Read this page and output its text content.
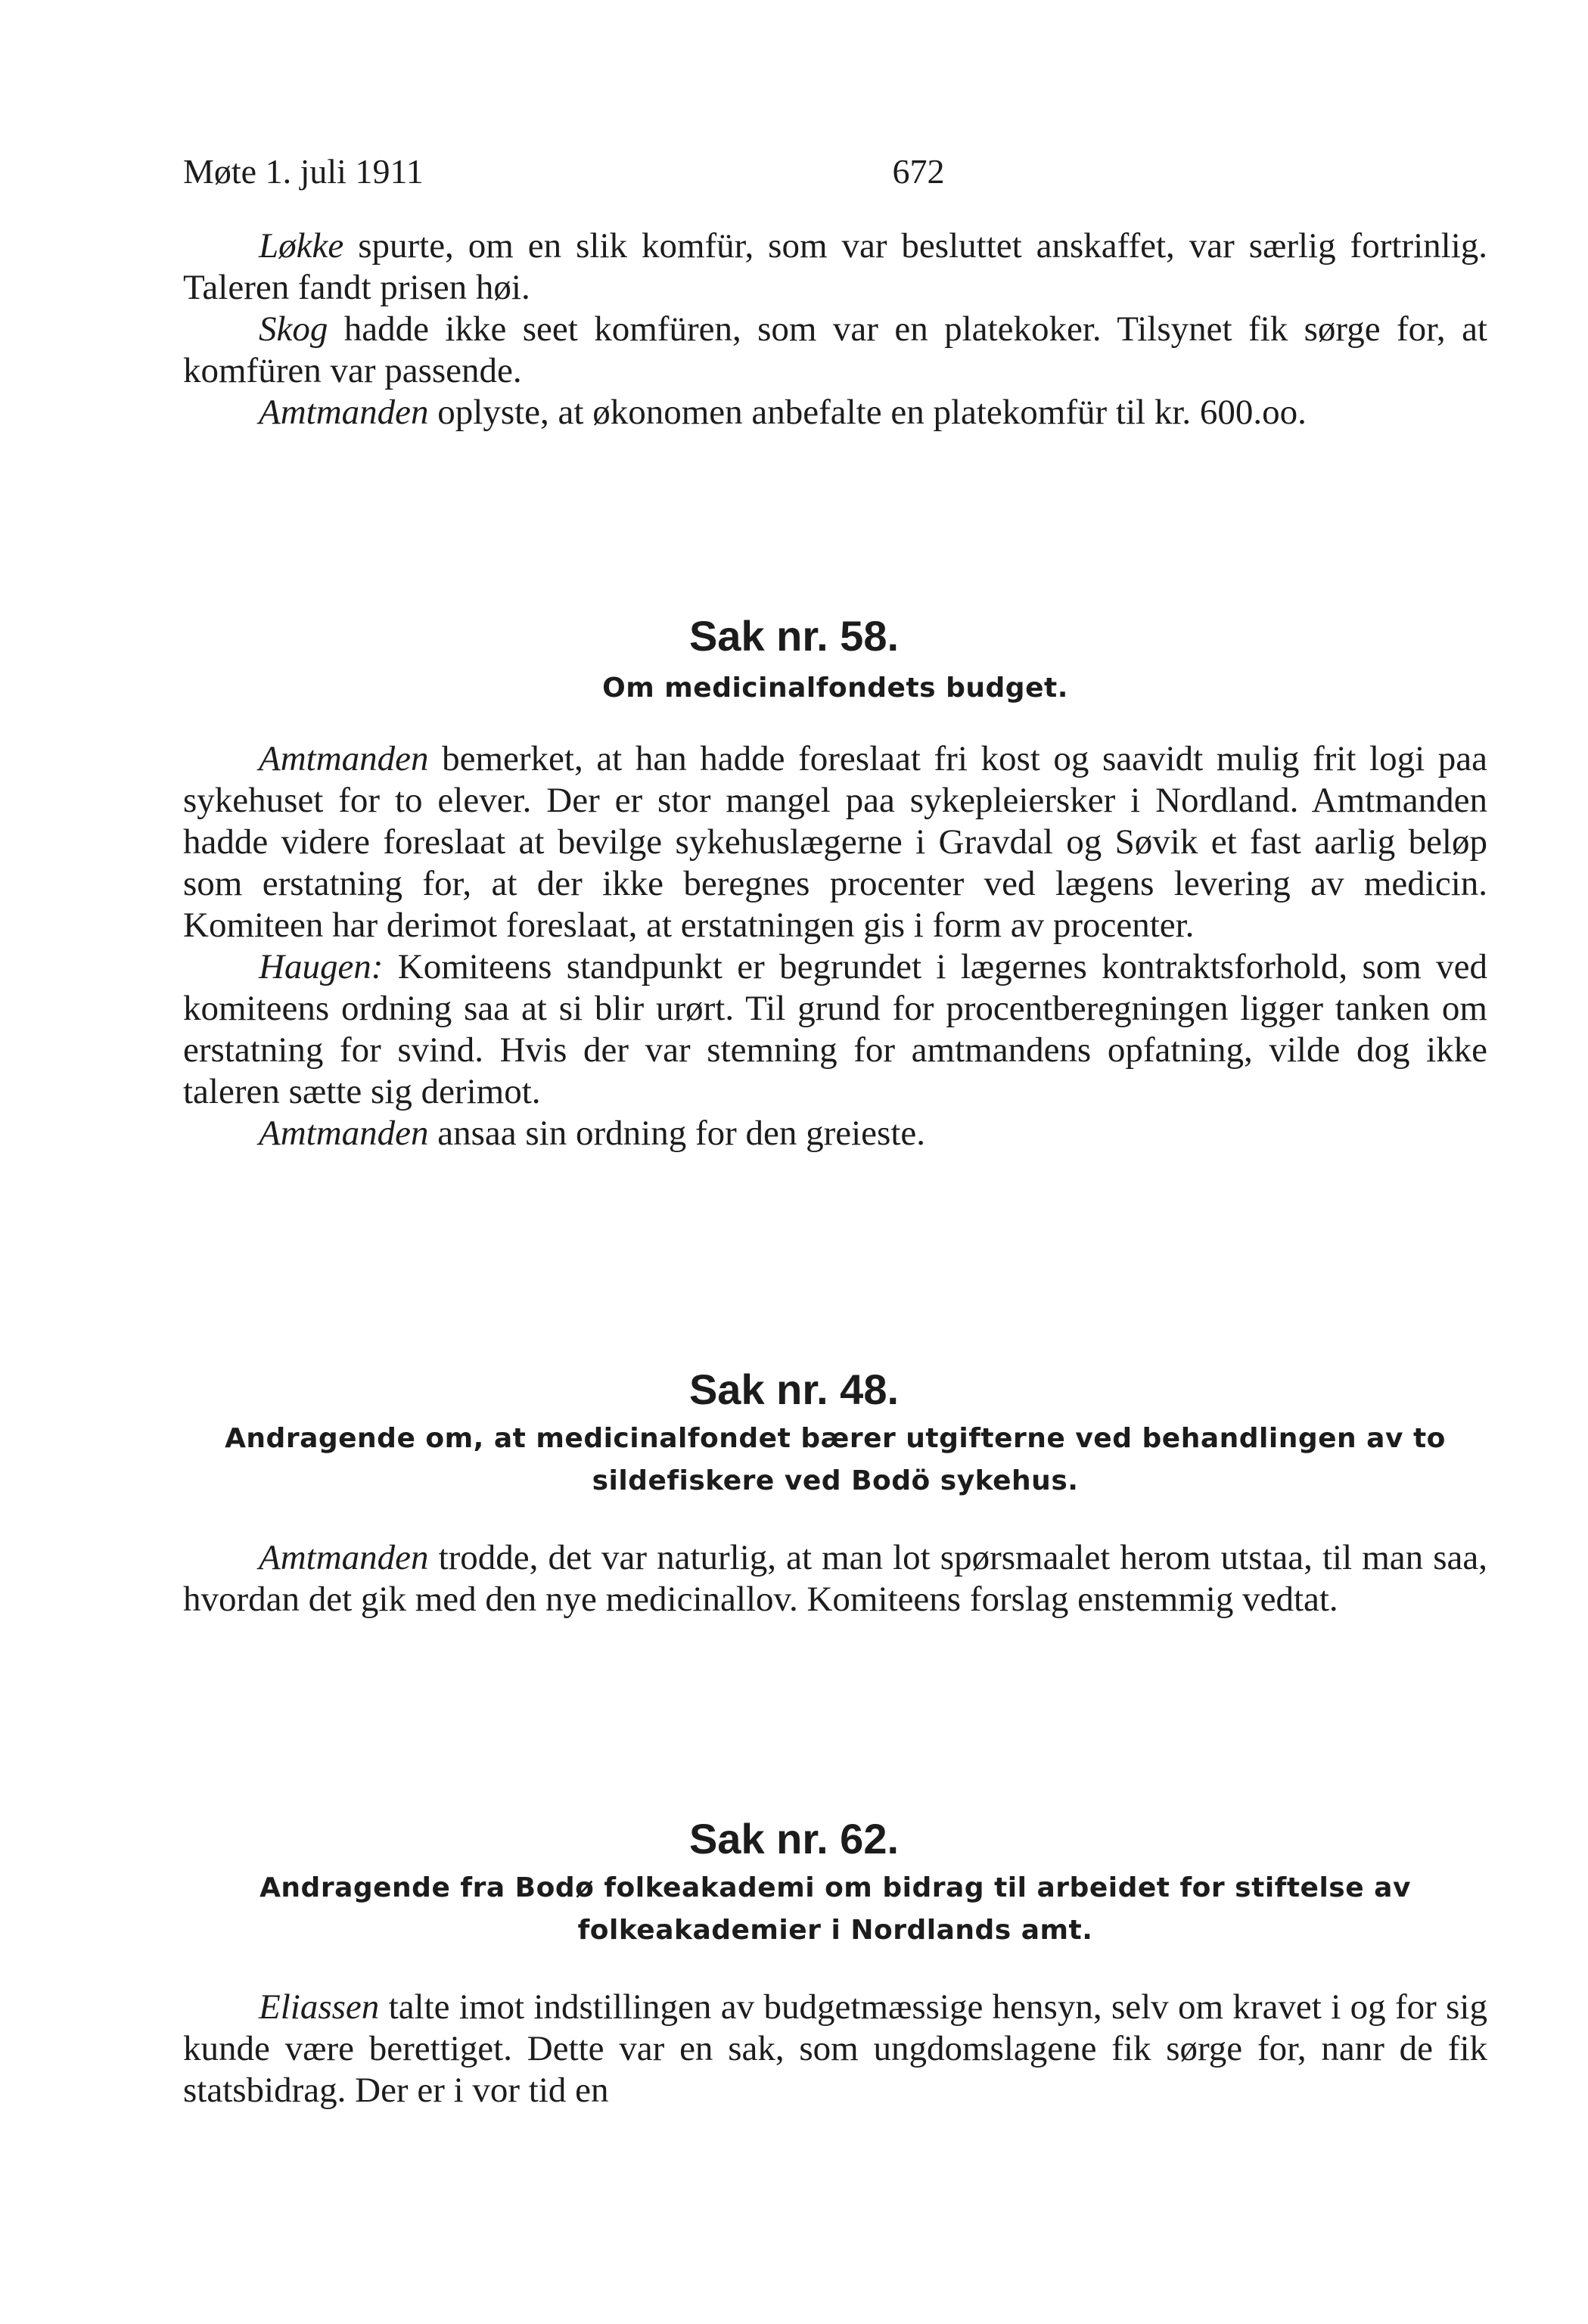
Møte 1. juli 1911	672

Løkke spurte, om en slik komfür, som var besluttet anskaffet, var særlig fortrinlig. Taleren fandt prisen høi.

Skog hadde ikke seet komfüren, som var en platekoker. Tilsynet fik sørge for, at komfüren var passende.

Amtmanden oplyste, at økonomen anbefalte en platekomfür til kr. 600.oo.

Sak nr. 58.
Om medicinalfondets budget.

Amtmanden bemerket, at han hadde foreslaat fri kost og saavidt mulig frit logi paa sykehuset for to elever. Der er stor mangel paa sykepleiersker i Nordland. Amtmanden hadde videre foreslaat at bevilge sykehuslægerne i Gravdal og Søvik et fast aarlig beløp som erstatning for, at der ikke beregnes procenter ved lægens levering av medicin. Komiteen har derimot foreslaat, at erstatningen gis i form av procenter.

Haugen: Komiteens standpunkt er begrundet i lægernes kontraktsforhold, som ved komiteens ordning saa at si blir urørt. Til grund for procentberegningen ligger tanken om erstatning for svind. Hvis der var stemning for amtmandens opfatning, vilde dog ikke taleren sætte sig derimot.

Amtmanden ansaa sin ordning for den greieste.

Sak nr. 48.
Andragende om, at medicinalfondet bærer utgifterne ved behandlingen av to sildefiskere ved Bodö sykehus.

Amtmanden trodde, det var naturlig, at man lot spørsmaalet herom utstaa, til man saa, hvordan det gik med den nye medicinallov. Komiteens forslag enstemmig vedtat.

Sak nr. 62.
Andragende fra Bodø folkeakademi om bidrag til arbeidet for stiftelse av folkeakademier i Nordlands amt.

Eliassen talte imot indstillingen av budgetmæssige hensyn, selv om kravet i og for sig kunde være berettiget. Dette var en sak, som ungdomslagene fik sørge for, nanr de fik statsbidrag. Der er i vor tid en
